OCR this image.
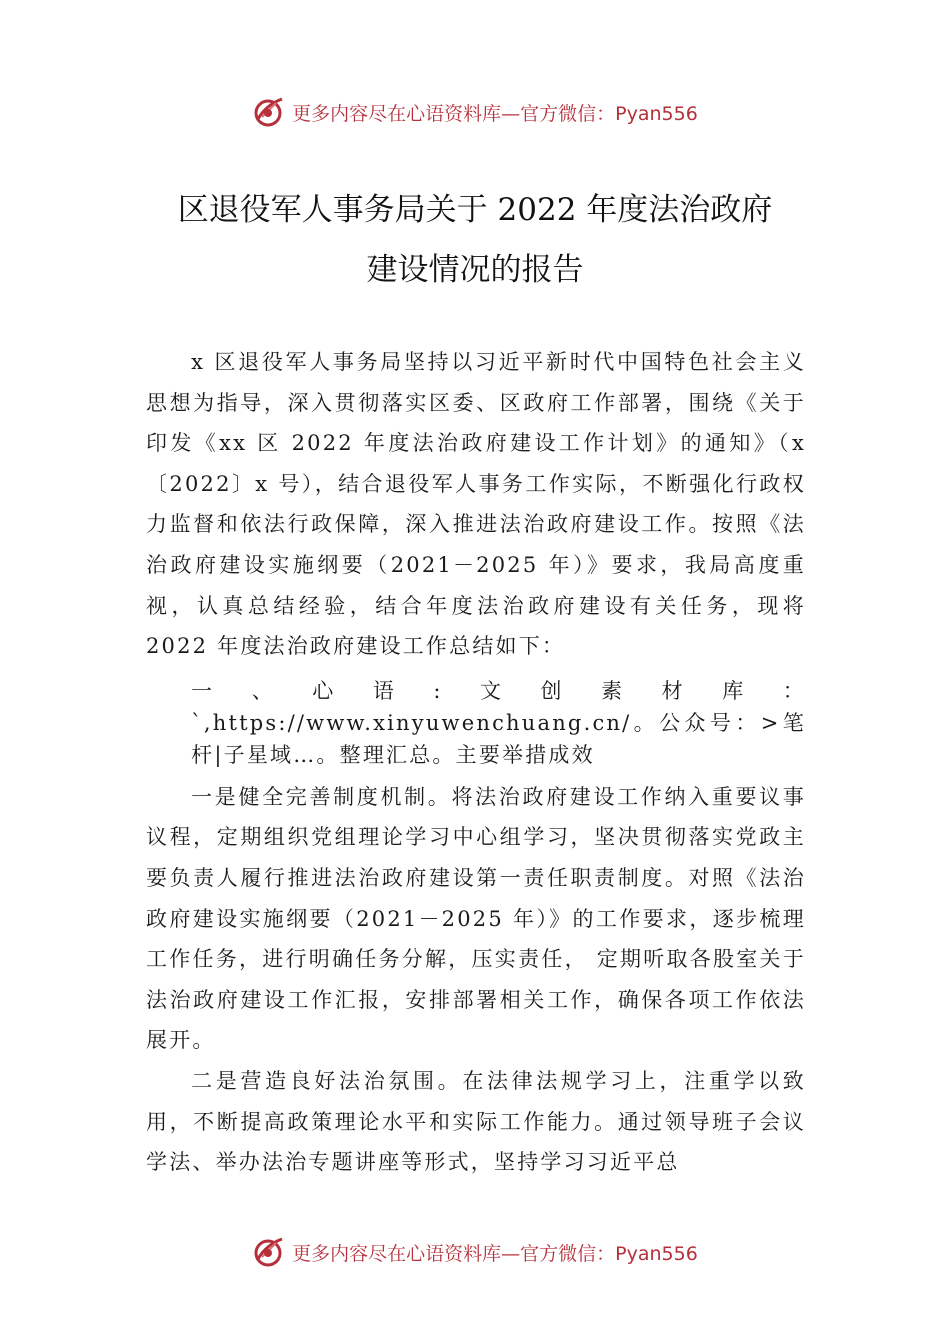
更多内容尽在心语资料库— 官方微信：Pyan556
区退役军人事务局关于 2022 年度法治政府
建设情况的报告

x 区退役军人事务局坚持以习近平新时代中国特色社会主义思想为指导，深入贯彻落实区委、区政府工作部署，围绕《关于印发《xx 区 2022 年度法治政府建设工作计划》的通知》（x〔2022〕x 号），结合退役军人事务工作实际，不断强化行政权力监督和依法行政保障，深入推进法治政府建设工作。按照《法治政府建设实施纲要（2021－2025 年）》要求，我局高度重视，认真总结经验，结合年度法治政府建设有关任务，现将 2022 年度法治政府建设工作总结如下：

一、心语:文创素材库：`,https://www.xinyuwenchuang.cn/。公众号：>笔杆|子星域…。整理汇总。主要举措成效

一是健全完善制度机制。将法治政府建设工作纳入重要议事议程，定期组织党组理论学习中心组学习，坚决贯彻落实党政主要负责人履行推进法治政府建设第一责任职责制度。对照《法治政府建设实施纲要（2021－2025 年）》的工作要求，逐步梳理工作任务，进行明确任务分解，压实责任， 定期听取各股室关于法治政府建设工作汇报，安排部署相关工作，确保各项工作依法展开。

二是营造良好法治氛围。在法律法规学习上，注重学以致用，不断提高政策理论水平和实际工作能力。通过领导班子会议学法、举办法治专题讲座等形式，坚持学习习近平总

更多内容尽在心语资料库— 官方微信：Pyan556
